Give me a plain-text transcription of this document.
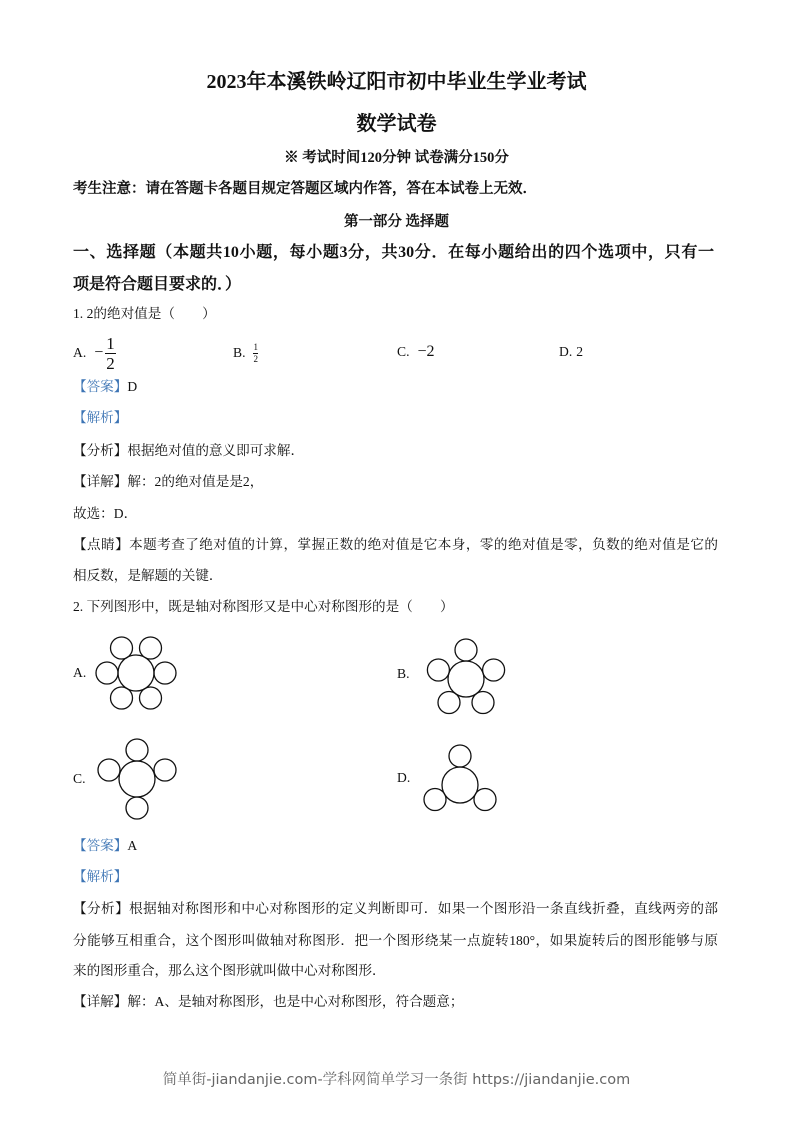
2023年本溪铁岭辽阳市初中毕业生学业考试
数学试卷
※ 考试时间120分钟 试卷满分150分
考生注意：请在答题卡各题目规定答题区域内作答，答在本试卷上无效．
第一部分 选择题
一、选择题（本题共10小题，每小题3分，共30分．在每小题给出的四个选项中，只有一
项是符合题目要求的．）
1. 2的绝对值是（　　）
A. − $\frac{1}{2}$	B. $\frac{1}{2}$	C. −2	D. 2
【答案】D
【解析】
【分析】根据绝对值的意义即可求解．
【详解】解：2的绝对值是是2，
故选：D．
【点睛】本题考查了绝对值的计算，掌握正数的绝对值是它本身，零的绝对值是零，负数的绝对值是它的
相反数，是解题的关键．
2. 下列图形中，既是轴对称图形又是中心对称图形的是（　　）
A.	B.
C.	D.
【答案】A
【解析】
【分析】根据轴对称图形和中心对称图形的定义判断即可．如果一个图形沿一条直线折叠，直线两旁的部
分能够互相重合，这个图形叫做轴对称图形．把一个图形绕某一点旋转180°，如果旋转后的图形能够与原
来的图形重合，那么这个图形就叫做中心对称图形．
【详解】解：A、是轴对称图形，也是中心对称图形，符合题意；
简单街-jiandanjie.com-学科网简单学习一条街 https://jiandanjie.com
